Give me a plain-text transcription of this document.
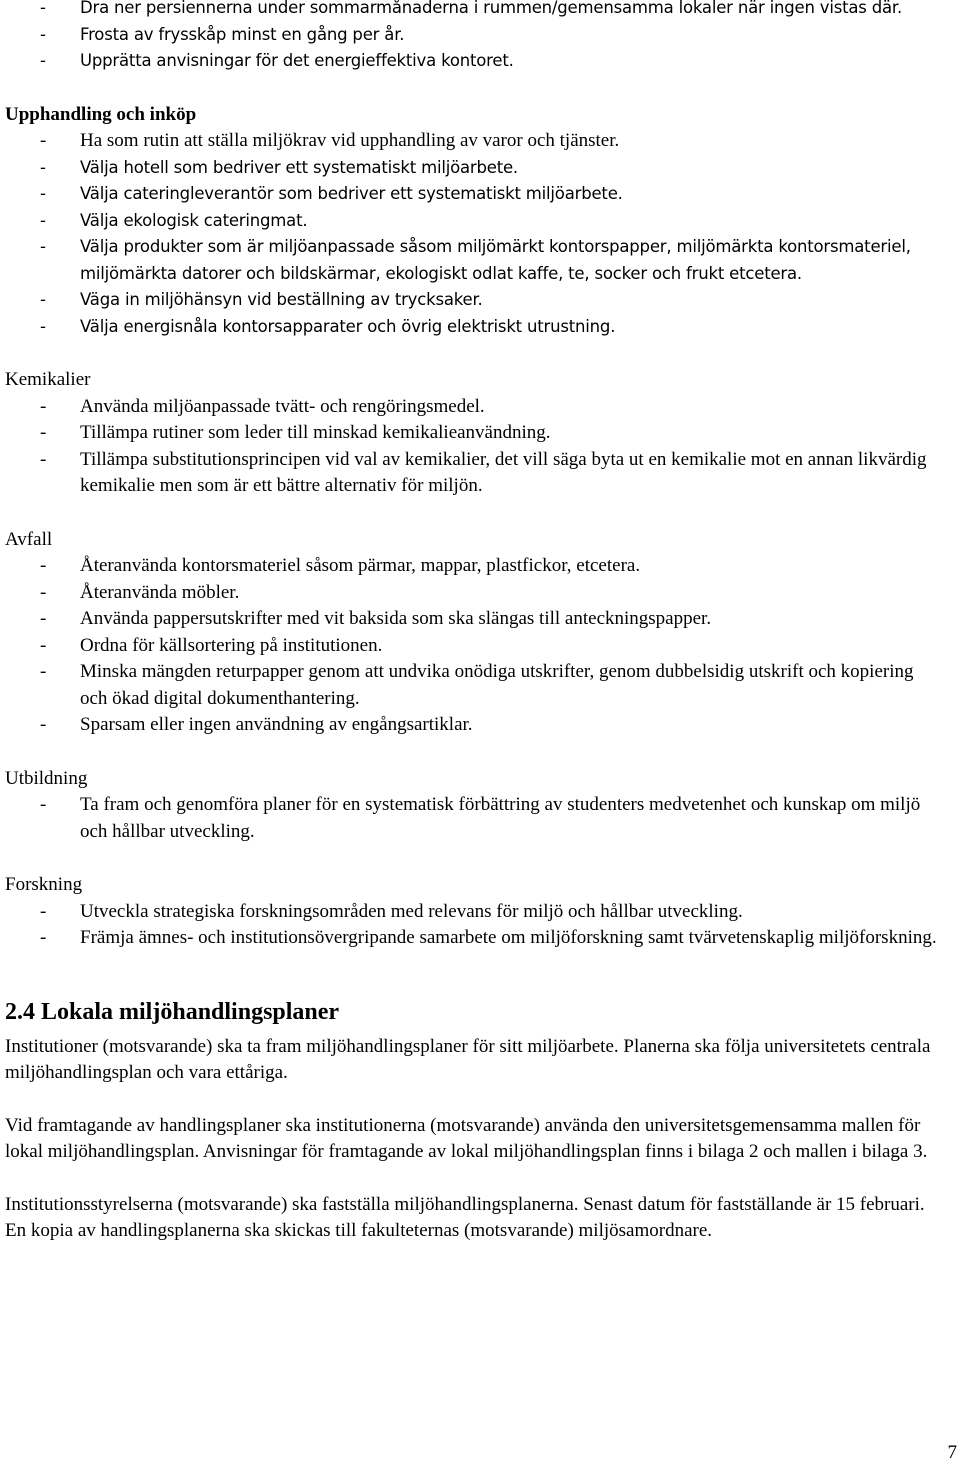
- Dra ner persiennerna under sommarmånaderna i rummen/gemensamma lokaler när ingen vistas där.
- Frosta av frysskåp minst en gång per år.
- Upprätta anvisningar för det energieffektiva kontoret.

Upphandling och inköp

- Ha som rutin att ställa miljökrav vid upphandling av varor och tjänster.
- Välja hotell som bedriver ett systematiskt miljöarbete.
- Välja cateringleverantör som bedriver ett systematiskt miljöarbete.
- Välja ekologisk cateringmat.
- Välja produkter som är miljöanpassade såsom miljömärkt kontorspapper, miljömärkta kontorsmateriel, miljömärkta datorer och bildskärmar, ekologiskt odlat kaffe, te, socker och frukt etcetera.
- Väga in miljöhänsyn vid beställning av trycksaker.
- Välja energisnåla kontorsapparater och övrig elektriskt utrustning.

Kemikalier

- Använda miljöanpassade tvätt- och rengöringsmedel.
- Tillämpa rutiner som leder till minskad kemikalieanvändning.
- Tillämpa substitutionsprincipen vid val av kemikalier, det vill säga byta ut en kemikalie mot en annan likvärdig kemikalie men som är ett bättre alternativ för miljön.

Avfall

- Återanvända kontorsmateriel såsom pärmar, mappar, plastfickor, etcetera.
- Återanvända möbler.
- Använda pappersutskrifter med vit baksida som ska slängas till anteckningspapper.
- Ordna för källsortering på institutionen.
- Minska mängden returpapper genom att undvika onödiga utskrifter, genom dubbelsidig utskrift och kopiering och ökad digital dokumenthantering.
- Sparsam eller ingen användning av engångsartiklar.

Utbildning

- Ta fram och genomföra planer för en systematisk förbättring av studenters medvetenhet och kunskap om miljö och hållbar utveckling.

Forskning

- Utveckla strategiska forskningsområden med relevans för miljö och hållbar utveckling.
- Främja ämnes- och institutionsövergripande samarbete om miljöforskning samt tvärvetenskaplig miljöforskning.

2.4 Lokala miljöhandlingsplaner

Institutioner (motsvarande) ska ta fram miljöhandlingsplaner för sitt miljöarbete. Planerna ska följa universitetets centrala miljöhandlingsplan och vara ettåriga.

Vid framtagande av handlingsplaner ska institutionerna (motsvarande) använda den universitetsgemensamma mallen för lokal miljöhandlingsplan. Anvisningar för framtagande av lokal miljöhandlingsplan finns i bilaga 2 och mallen i bilaga 3.

Institutionsstyrelserna (motsvarande) ska fastställa miljöhandlingsplanerna. Senast datum för fastställande är 15 februari. En kopia av handlingsplanerna ska skickas till fakulteternas (motsvarande) miljösamordnare.

7
